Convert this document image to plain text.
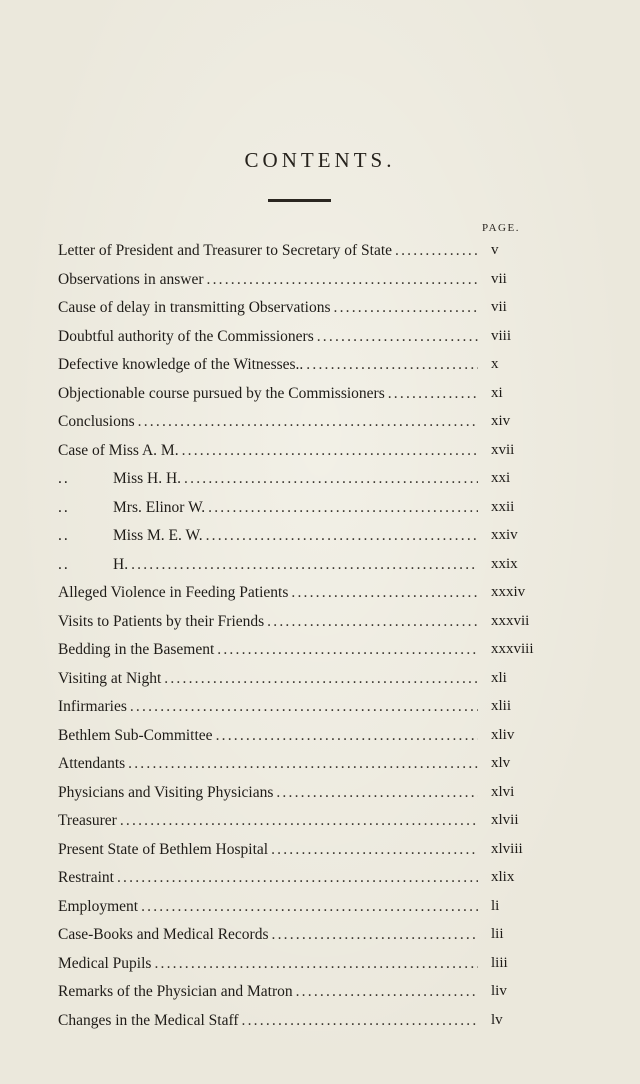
CONTENTS.
PAGE.
Letter of President and Treasurer to Secretary of State .....	v
Observations in answer .....	vii
Cause of delay in transmitting Observations .....	vii
Doubtful authority of the Commissioners .....	viii
Defective knowledge of the Witnesses.. .....	x
Objectionable course pursued by the Commissioners .....	xi
Conclusions .....	xiv
Case of Miss A. M. .....	xvii
..	Miss H. H. .....	xxi
..	Mrs. Elinor W. .....	xxii
..	Miss M. E. W. .....	xxiv
..	H. .....	xxix
Alleged Violence in Feeding Patients .....	xxxiv
Visits to Patients by their Friends .....	xxxvii
Bedding in the Basement .....	xxxviii
Visiting at Night .....	xli
Infirmaries .....	xlii
Bethlem Sub-Committee .....	xliv
Attendants .....	xlv
Physicians and Visiting Physicians .....	xlvi
Treasurer .....	xlvii
Present State of Bethlem Hospital .....	xlviii
Restraint .....	xlix
Employment .....	li
Case-Books and Medical Records .....	lii
Medical Pupils .....	liii
Remarks of the Physician and Matron .....	liv
Changes in the Medical Staff .....	lv
